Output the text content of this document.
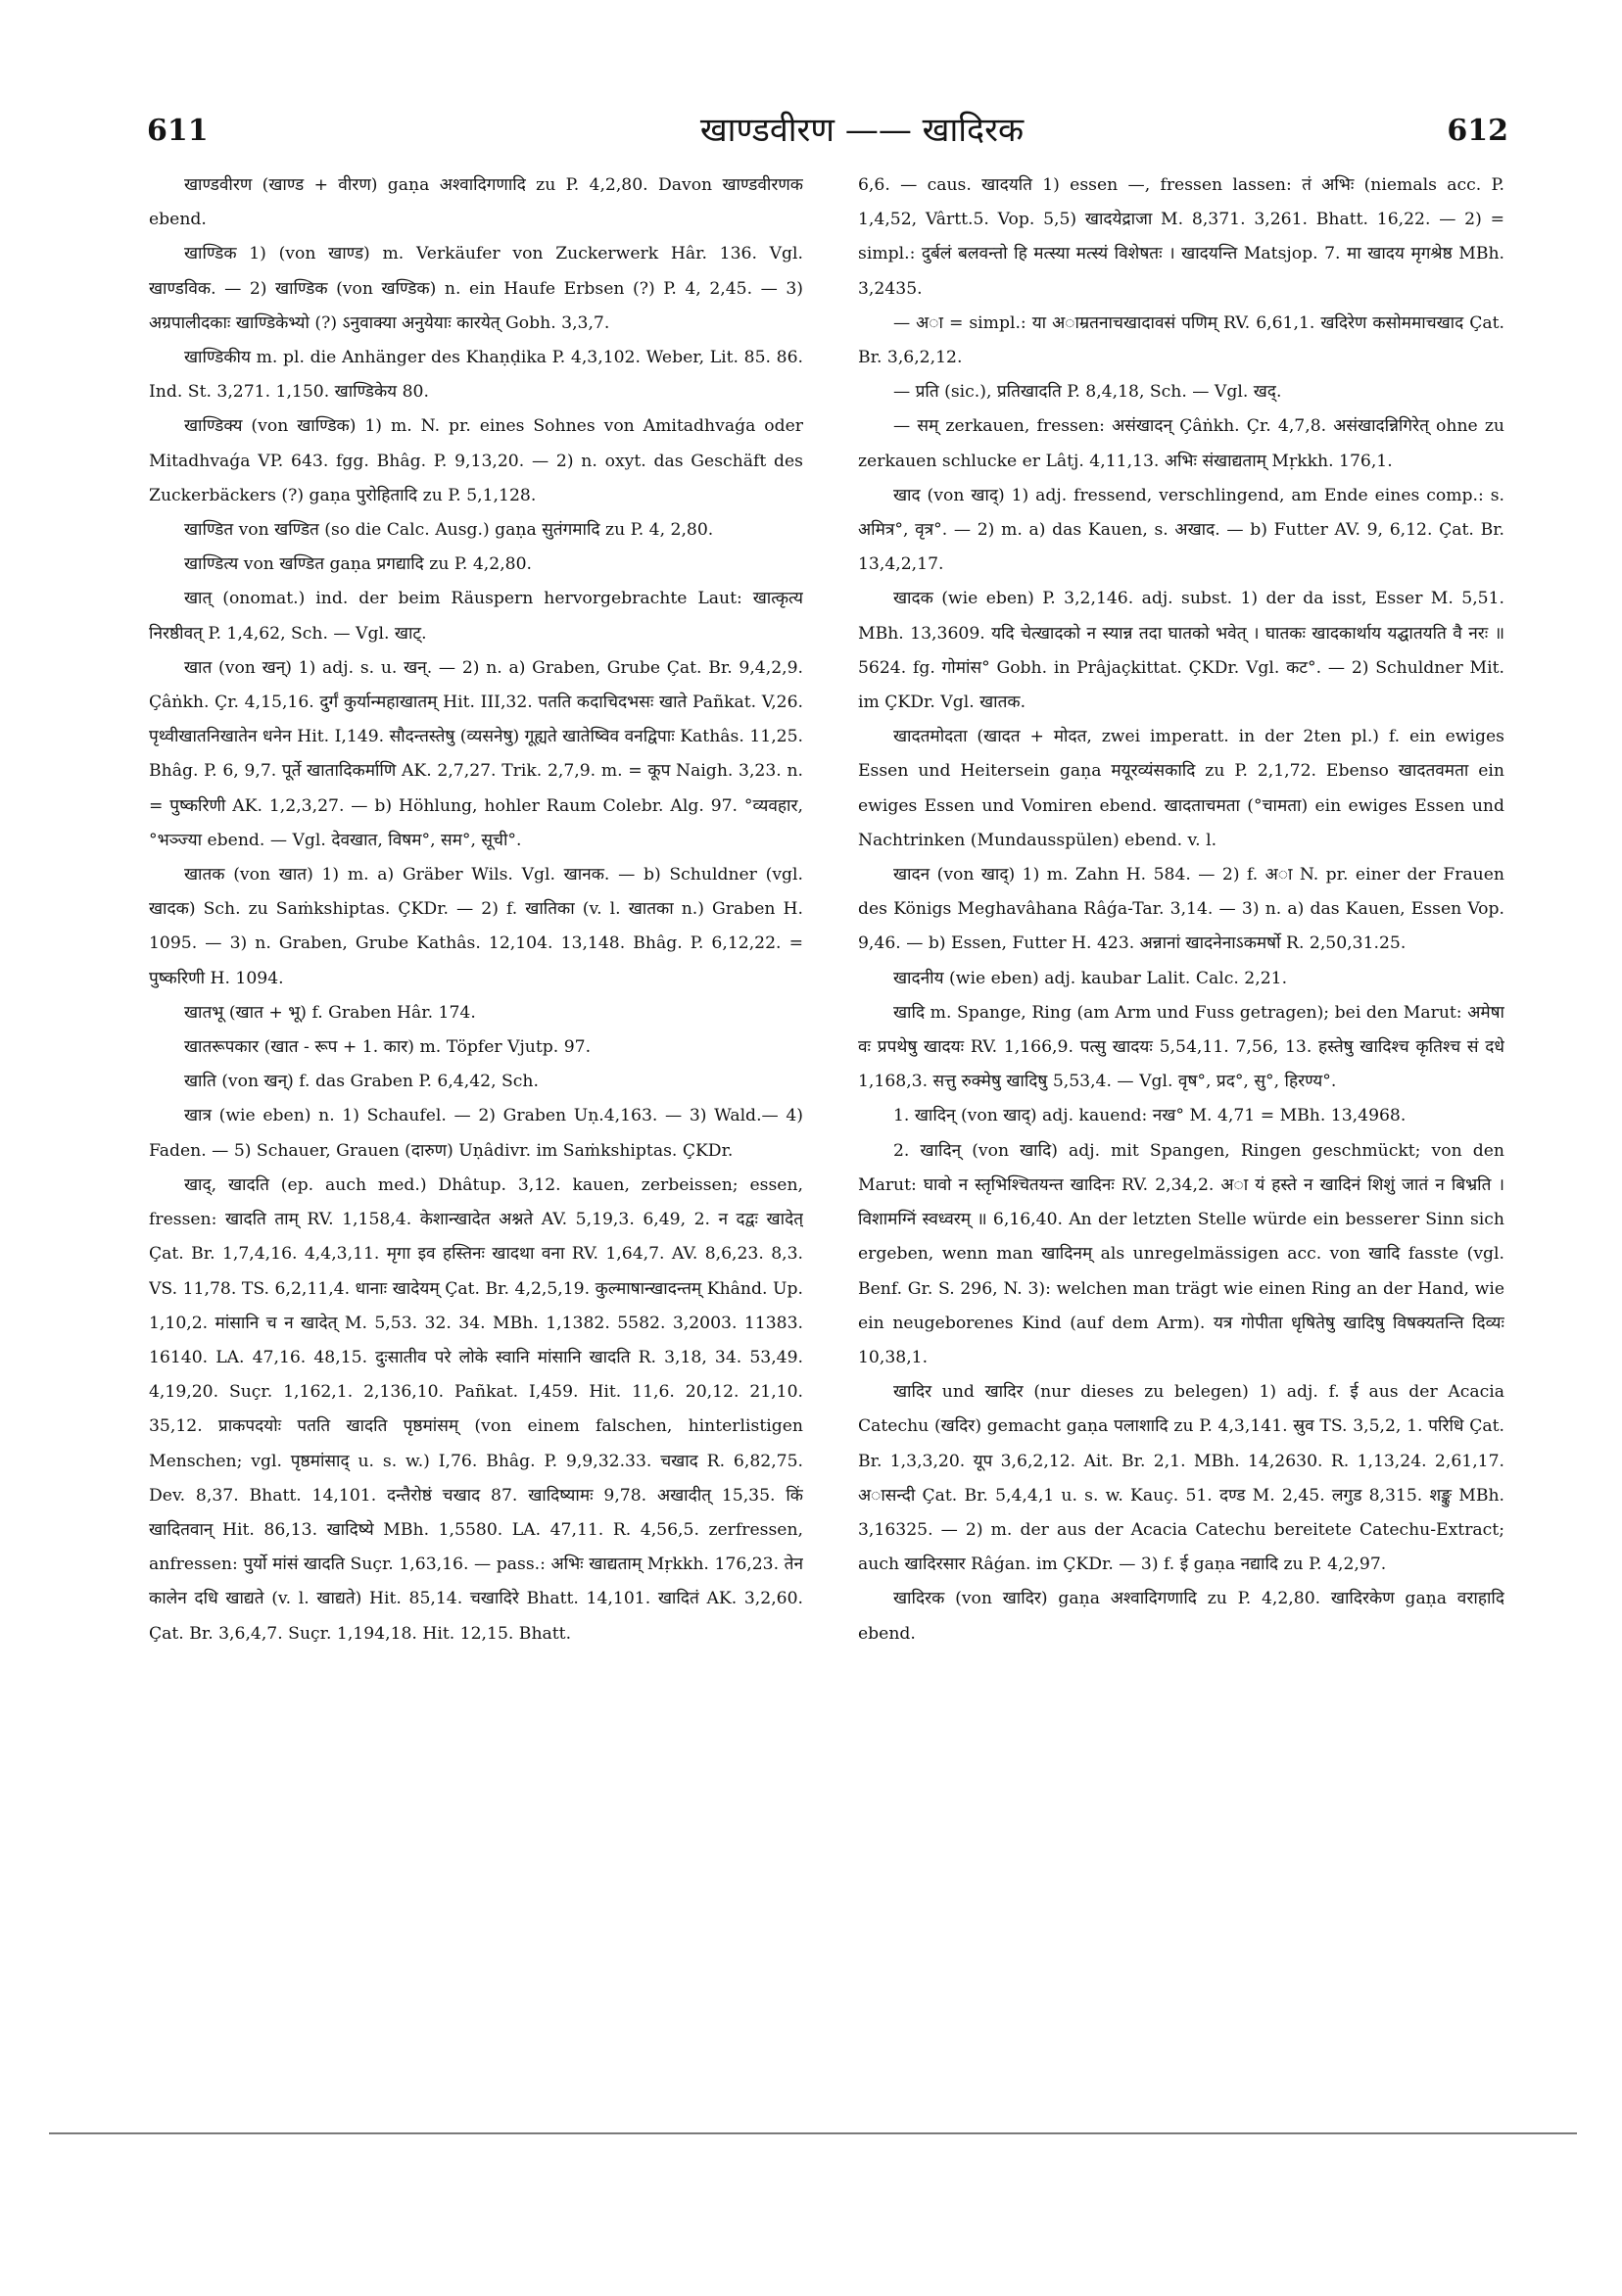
611	खाण्डवीरण —— खादिरक	612

खाण्डवीरण (खाण्ड + वीरण) gaṇa अश्वादिगणादि zu P. 4,2,80. Davon खाण्डवीरणक ebend.

खाण्डिक 1) (von खाण्ड) m. Verkäufer von Zuckerwerk Hâr. 136. Vgl. खाण्डविक. — 2) खाण्डिक (von खण्डिक) n. ein Haufe Erbsen (?) P. 4, 2,45. — 3) अग्रपालीदकाः खाण्डिकेभ्यो (?) ऽनुवाक्या अनुयेयाः कारयेत् Gobh. 3,3,7.

खाण्डिकीय m. pl. die Anhänger des Khaṇḍika P. 4,3,102. Weber, Lit. 85. 86. Ind. St. 3,271. 1,150. खाण्डिकेय 80.

खाण्डिक्य (von खाण्डिक) 1) m. N. pr. eines Sohnes von Amitadhvaǵa oder Mitadhvaǵa VP. 643. fgg. Bhâg. P. 9,13,20. — 2) n. oxyt. das Geschäft des Zuckerbäckers (?) gaṇa पुरोहितादि zu P. 5,1,128.

खाण्डित von खण्डित (so die Calc. Ausg.) gaṇa सुतंगमादि zu P. 4, 2,80.

खाण्डित्य von खण्डित gaṇa प्रगद्यादि zu P. 4,2,80.

खात् (onomat.) ind. der beim Räuspern hervorgebrachte Laut: खात्कृत्य निरष्ठीवत् P. 1,4,62, Sch. — Vgl. खाट्.

खात (von खन्) 1) adj. s. u. खन्. — 2) n. a) Graben, Grube Çat. Br. 9,4,2,9. Çâṅkh. Çr. 4,15,16. दुर्गं कुर्यान्महाखातम् Hit. III,32. पतति कदाचिदभसः खाते Pañkat. V,26. पृथ्वीखातनिखातेन धनेन Hit. I,149. सौदन्तस्तेषु (व्यसनेषु) गूह्यते खातेष्विव वनद्विपाः Kathâs. 11,25. Bhâg. P. 6, 9,7. पूर्ते खातादिकर्माणि AK. 2,7,27. Trik. 2,7,9. m. = कूप Naigh. 3,23. n. = पुष्करिणी AK. 1,2,3,27. — b) Höhlung, hohler Raum Colebr. Alg. 97. °व्यवहार, °भञ्ज्या ebend. — Vgl. देवखात, विषम°, सम°, सूची°.

खातक (von खात) 1) m. a) Gräber Wils. Vgl. खानक. — b) Schuldner (vgl. खादक) Sch. zu Saṁkshiptas. ÇKDr. — 2) f. खातिका (v. l. खातका n.) Graben H. 1095. — 3) n. Graben, Grube Kathâs. 12,104. 13,148. Bhâg. P. 6,12,22. = पुष्करिणी H. 1094.

खातभू (खात + भू) f. Graben Hâr. 174.

खातरूपकार (खात - रूप + 1. कार) m. Töpfer Vjutp. 97.

खाति (von खन्) f. das Graben P. 6,4,42, Sch.

खात्र (wie eben) n. 1) Schaufel. — 2) Graben Uṇ.4,163. — 3) Wald.— 4) Faden. — 5) Schauer, Grauen (दारुण) Uṇâdivr. im Saṁkshiptas. ÇKDr.

खाद्, खादति (ep. auch med.) Dhâtup. 3,12. kauen, zerbeissen; essen, fressen: खादति ताम् RV. 1,158,4. केशान्खादेत अश्नते AV. 5,19,3. 6,49, 2. न दद्वः खादेत् Çat. Br. 1,7,4,16. 4,4,3,11. मृगा इव हस्तिनः खादथा वना RV. 1,64,7. AV. 8,6,23. 8,3. VS. 11,78. TS. 6,2,11,4. धानाः खादेयम् Çat. Br. 4,2,5,19. कुल्माषान्खादन्तम् Khând. Up. 1,10,2. मांसानि च न खादेत् M. 5,53. 32. 34. MBh. 1,1382. 5582. 3,2003. 11383. 16140. LA. 47,16. 48,15. दुःसातीव परे लोके स्वानि मांसानि खादति R. 3,18, 34. 53,49. 4,19,20. Suçr. 1,162,1. 2,136,10. Pañkat. I,459. Hit. 11,6. 20,12. 21,10. 35,12. प्राकपदयोः पतति खादति पृष्ठमांसम् (von einem falschen, hinterlistigen Menschen; vgl. पृष्ठमांसाद् u. s. w.) I,76. Bhâg. P. 9,9,32.33. चखाद R. 6,82,75. Dev. 8,37. Bhatt. 14,101. दन्तैरोष्ठं चखाद 87. खादिष्यामः 9,78. अखादीत् 15,35. किं खादितवान् Hit. 86,13. खादिष्ये MBh. 1,5580. LA. 47,11. R. 4,56,5. zerfressen, anfressen: पुर्यो मांसं खादति Suçr. 1,63,16. — pass.: अभिः खाद्यताम् Mṛkkh. 176,23. तेन कालेन दधि खाद्यते (v. l. खाद्यते) Hit. 85,14. चखादिरे Bhatt. 14,101. खादितं AK. 3,2,60. Çat. Br. 3,6,4,7. Suçr. 1,194,18. Hit. 12,15. Bhatt.

6,6. — caus. खादयति 1) essen —, fressen lassen: तं अभिः (niemals acc. P. 1,4,52, Vârtt.5. Vop. 5,5) खादयेद्राजा M. 8,371. 3,261. Bhatt. 16,22. — 2) = simpl.: दुर्बलं बलवन्तो हि मत्स्या मत्स्यं विशेषतः । खादयन्ति Matsjop. 7. मा खादय मृगश्रेष्ठ MBh. 3,2435.

— अा = simpl.: या अाम्रतनाचखादावसं पणिम् RV. 6,61,1. खदिरेण कसोममाचखाद Çat. Br. 3,6,2,12.

— प्रति (sic.), प्रतिखादति P. 8,4,18, Sch. — Vgl. खद्.

— सम् zerkauen, fressen: असंखादन् Çâṅkh. Çr. 4,7,8. असंखादन्निगिरेत् ohne zu zerkauen schlucke er Lâtj. 4,11,13. अभिः संखाद्यताम् Mṛkkh. 176,1.

खाद (von खाद्) 1) adj. fressend, verschlingend, am Ende eines comp.: s. अमित्र°, वृत्र°. — 2) m. a) das Kauen, s. अखाद. — b) Futter AV. 9, 6,12. Çat. Br. 13,4,2,17.

खादक (wie eben) P. 3,2,146. adj. subst. 1) der da isst, Esser M. 5,51. MBh. 13,3609. यदि चेत्खादको न स्यान्न तदा घातको भवेत् । घातकः खादकार्थाय यद्घातयति वै नरः ॥ 5624. fg. गोमांस° Gobh. in Prâjaçkittat. ÇKDr. Vgl. कट°. — 2) Schuldner Mit. im ÇKDr. Vgl. खातक.

खादतमोदता (खादत + मोदत, zwei imperatt. in der 2ten pl.) f. ein ewiges Essen und Heitersein gaṇa मयूरव्यंसकादि zu P. 2,1,72. Ebenso खादतवमता ein ewiges Essen und Vomiren ebend. खादताचमता (°चामता) ein ewiges Essen und Nachtrinken (Mundausspülen) ebend. v. l.

खादन (von खाद्) 1) m. Zahn H. 584. — 2) f. अा N. pr. einer der Frauen des Königs Meghavâhana Râǵa-Tar. 3,14. — 3) n. a) das Kauen, Essen Vop. 9,46. — b) Essen, Futter H. 423. अन्नानां खादनेनाऽकमर्षो R. 2,50,31.25.

खादनीय (wie eben) adj. kaubar Lalit. Calc. 2,21.

खादि m. Spange, Ring (am Arm und Fuss getragen); bei den Marut: अमेषा वः प्रपथेषु खादयः RV. 1,166,9. पत्सु खादयः 5,54,11. 7,56, 13. हस्तेषु खादिश्च कृतिश्च सं दधे 1,168,3. सत्तु रुक्मेषु खादिषु 5,53,4. — Vgl. वृष°, प्रद°, सु°, हिरण्य°.

1. खादिन् (von खाद्) adj. kauend: नख° M. 4,71 = MBh. 13,4968.

2. खादिन् (von खादि) adj. mit Spangen, Ringen geschmückt; von den Marut: घावो न स्तृभिश्चितयन्त खादिनः RV. 2,34,2. अा यं हस्ते न खादिनं शिशुं जातं न बिभ्रति । विशामग्निं स्वध्वरम् ॥ 6,16,40. An der letzten Stelle würde ein besserer Sinn sich ergeben, wenn man खादिनम् als unregelmässigen acc. von खादि fasste (vgl. Benf. Gr. S. 296, N. 3): welchen man trägt wie einen Ring an der Hand, wie ein neugeborenes Kind (auf dem Arm). यत्र गोपीता धृषितेषु खादिषु विषक्यतन्ति दिव्यः 10,38,1.

खादिर und खादिर (nur dieses zu belegen) 1) adj. f. ई aus der Acacia Catechu (खदिर) gemacht gaṇa पलाशादि zu P. 4,3,141. स्रुव TS. 3,5,2, 1. परिधि Çat. Br. 1,3,3,20. यूप 3,6,2,12. Ait. Br. 2,1. MBh. 14,2630. R. 1,13,24. 2,61,17. अासन्दी Çat. Br. 5,4,4,1 u. s. w. Kauç. 51. दण्ड M. 2,45. लगुड 8,315. शङ्कु MBh. 3,16325. — 2) m. der aus der Acacia Catechu bereitete Catechu-Extract; auch खादिरसार Râǵan. im ÇKDr. — 3) f. ई gaṇa नद्यादि zu P. 4,2,97.

खादिरक (von खादिर) gaṇa अश्वादिगणादि zu P. 4,2,80. खादिरकेण gaṇa वराहादि ebend.
